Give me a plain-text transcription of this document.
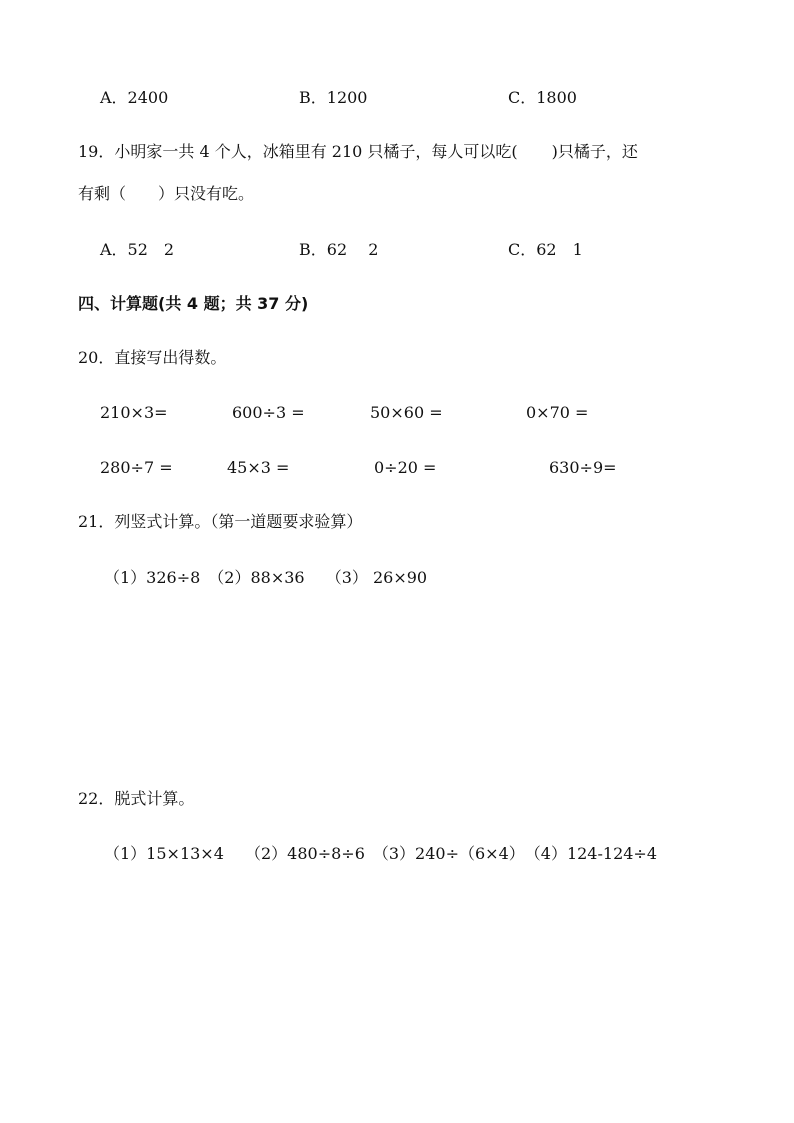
A．2400	B．1200	C．1800
19．小明家一共 4 个人，冰箱里有 210 只橘子，每人可以吃( )只橘子，还
有剩（　　）只没有吃。
A．52　2	B．62　 2	C．62　1
四、计算题(共 4 题；共 37 分)
20．直接写出得数。
210×3=	600÷3 =	50×60 =	0×70 =
280÷7 =	45×3 =	0÷20 =	630÷9=
21．列竖式计算。（第一道题要求验算）
（1）326÷8　（2）88×36　 （3） 26×90
22．脱式计算。
（1）15×13×4　 （2）480÷8÷6　（3）240÷（6×4）　（4）124-124÷4
